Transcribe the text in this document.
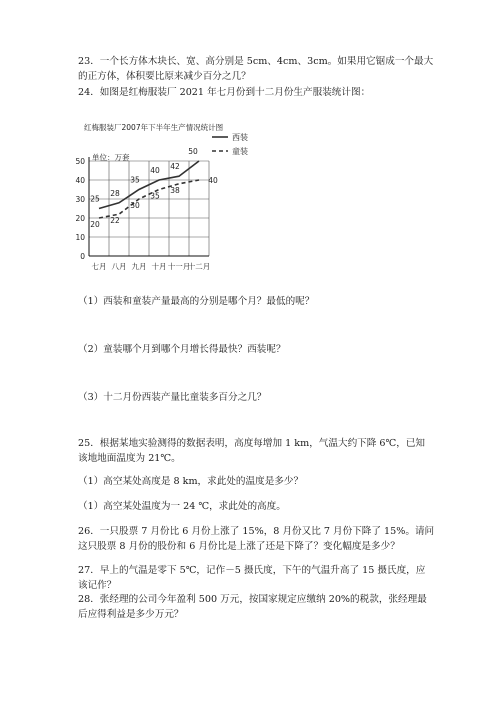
23．一个长方体木块长、宽、高分别是 5cm、4cm、3cm。如果用它锯成一个最大
的正方体，体积要比原来减少百分之几？
24．如图是红梅服装厂 2021 年七月份到十二月份生产服装统计图：
红梅服装厂2007年下半年生产情况统计图
单位：万套
西装
童装
0
10
20
30
40
50
七月 八月 九月 十月 十一月
十二月
25
28
35
40 42
50
20 22
30
35
38
40
（1）西装和童装产量最高的分别是哪个月？最低的呢？
（2）童装哪个月到哪个月增长得最快？西装呢？
（3）十二月份西装产量比童装多百分之几？
25．根据某地实验测得的数据表明，高度每增加 1 km，气温大约下降 6℃，已知
该地地面温度为 21℃。
（1）高空某处高度是 8 km，求此处的温度是多少？
（1）高空某处温度为一 24 ℃，求此处的高度。
26．一只股票 7 月份比 6 月份上涨了 15%，8 月份又比 7 月份下降了 15%。请问
这只股票 8 月份的股份和 6 月份比是上涨了还是下降了？变化幅度是多少？
27．早上的气温是零下 5℃，记作－5 摄氏度，下午的气温升高了 15 摄氏度，应
该记作？
28．张经理的公司今年盈利 500 万元，按国家规定应缴纳 20%的税款，张经理最
后应得利益是多少万元？
